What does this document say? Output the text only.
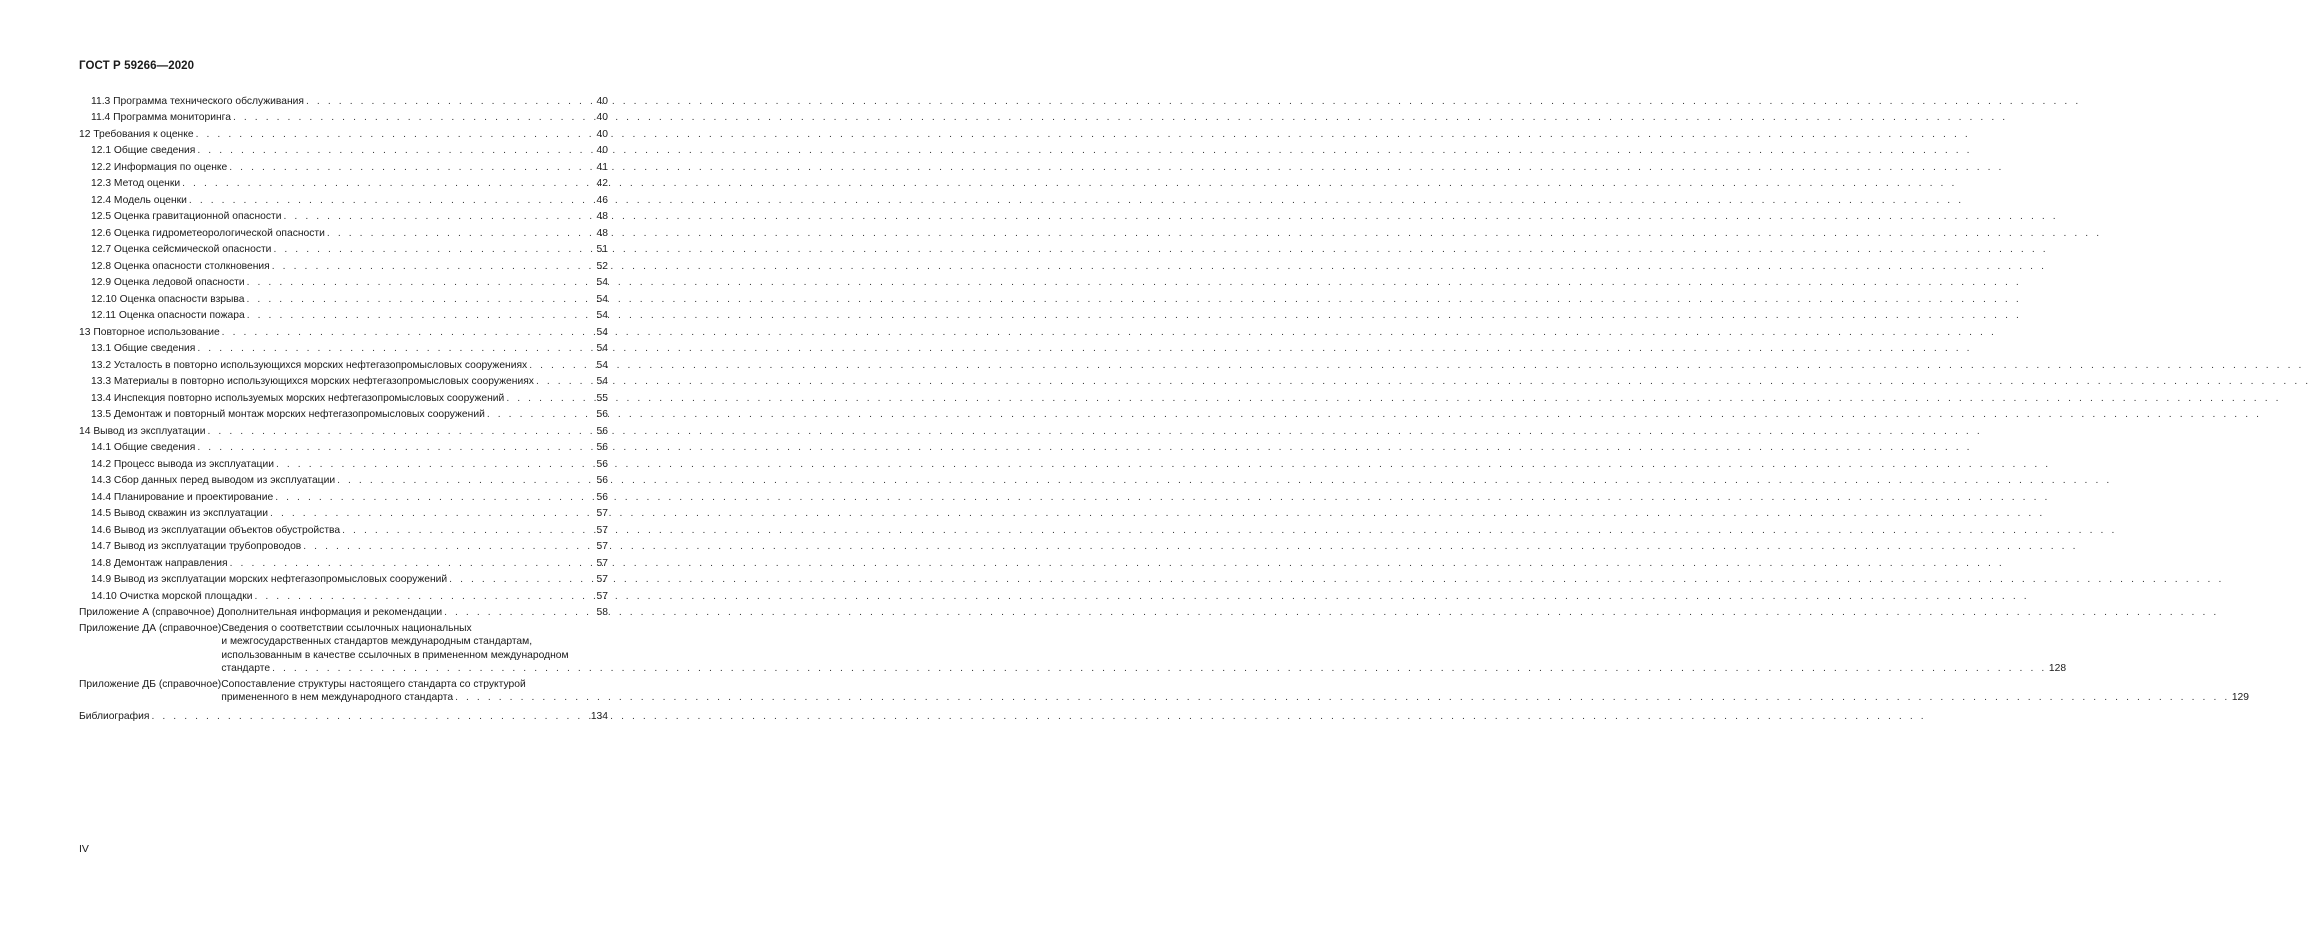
ГОСТ Р 59266—2020
11.3 Программа технического обслуживания . . .	40
11.4 Программа мониторинга . . .	40
12 Требования к оценке . . .	40
12.1 Общие сведения . . .	40
12.2 Информация по оценке . . .	41
12.3 Метод оценки . . .	42
12.4 Модель оценки . . .	46
12.5 Оценка гравитационной опасности . . .	48
12.6 Оценка гидрометеорологической опасности . . .	48
12.7 Оценка сейсмической опасности . . .	51
12.8 Оценка опасности столкновения . . .	52
12.9 Оценка ледовой опасности . . .	54
12.10 Оценка опасности взрыва . . .	54
12.11 Оценка опасности пожара . . .	54
13 Повторное использование . . .	54
13.1 Общие сведения . . .	54
13.2 Усталость в повторно использующихся морских нефтегазопромысловых сооружениях . . .	54
13.3 Материалы в повторно использующихся морских нефтегазопромысловых сооружениях . . .	54
13.4 Инспекция повторно используемых морских нефтегазопромысловых сооружений . . .	55
13.5 Демонтаж и повторный монтаж морских нефтегазопромысловых сооружений . . .	56
14 Вывод из эксплуатации . . .	56
14.1 Общие сведения . . .	56
14.2 Процесс вывода из эксплуатации . . .	56
14.3 Сбор данных перед выводом из эксплуатации . . .	56
14.4 Планирование и проектирование . . .	56
14.5 Вывод скважин из эксплуатации . . .	57
14.6 Вывод из эксплуатации объектов обустройства . . .	57
14.7 Вывод из эксплуатации трубопроводов . . .	57
14.8 Демонтаж направления . . .	57
14.9 Вывод из эксплуатации морских нефтегазопромысловых сооружений . . .	57
14.10 Очистка морской площадки . . .	57
Приложение А (справочное) Дополнительная информация и рекомендации . . .	58
Приложение ДА (справочное) Сведения о соответствии ссылочных национальных
и межгосударственных стандартов международным стандартам,
использованным в качестве ссылочных в примененном международном
стандарте . . .	128
Приложение ДБ (справочное) Сопоставление структуры настоящего стандарта со структурой
примененного в нем международного стандарта . . .	129
Библиография . . .	134
IV
